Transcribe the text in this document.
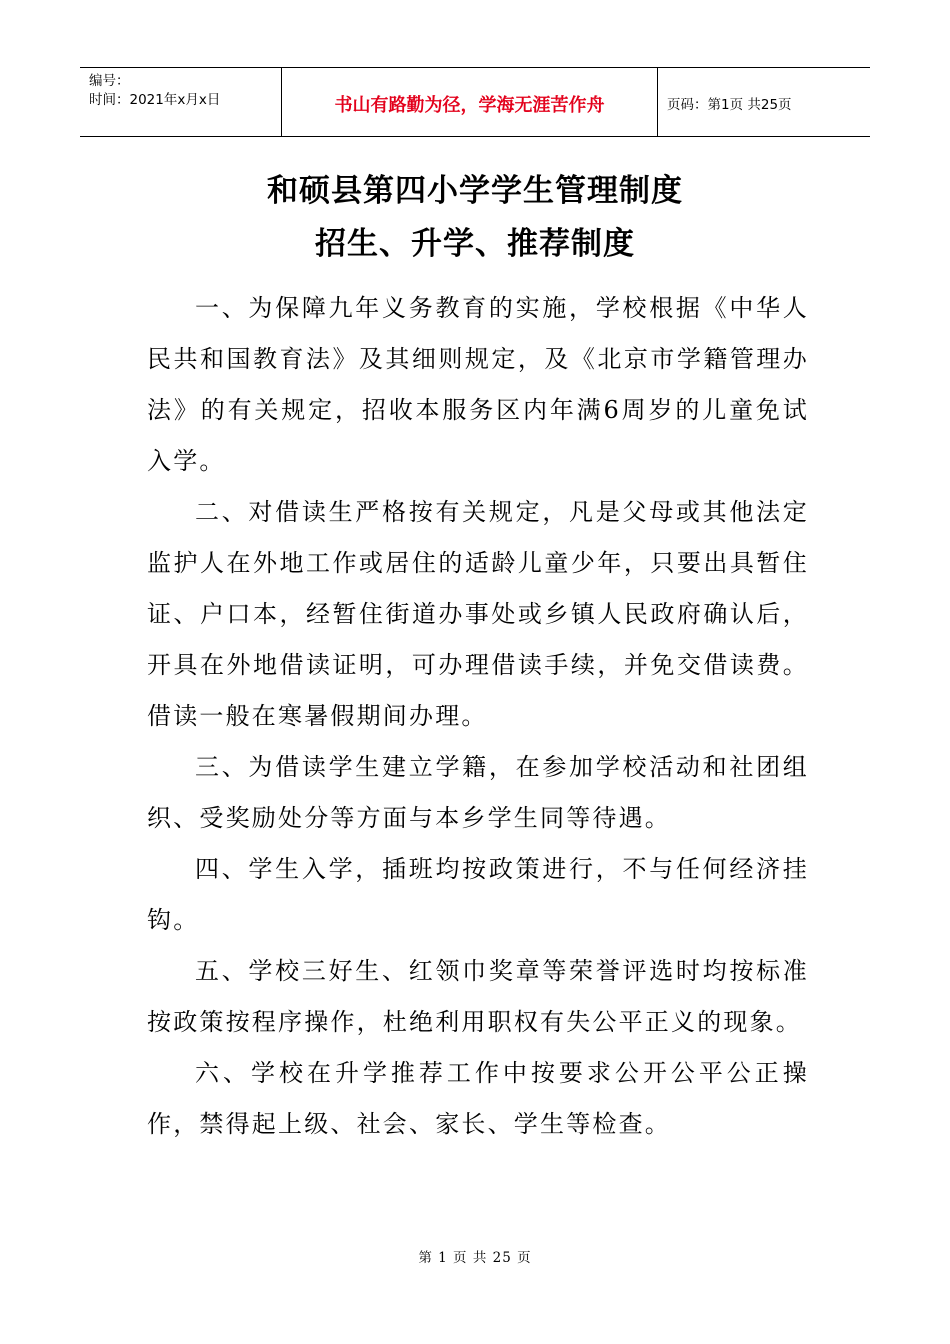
编号：
时间：2021年x月x日	书山有路勤为径，学海无涯苦作舟	页码：第1页 共25页
和硕县第四小学学生管理制度
招生、升学、推荐制度

一、为保障九年义务教育的实施，学校根据《中华人民共和国教育法》及其细则规定，及《北京市学籍管理办法》的有关规定，招收本服务区内年满6周岁的儿童免试入学。

二、对借读生严格按有关规定，凡是父母或其他法定监护人在外地工作或居住的适龄儿童少年，只要出具暂住证、户口本，经暂住街道办事处或乡镇人民政府确认后，开具在外地借读证明，可办理借读手续，并免交借读费。借读一般在寒暑假期间办理。

三、为借读学生建立学籍，在参加学校活动和社团组织、受奖励处分等方面与本乡学生同等待遇。

四、学生入学，插班均按政策进行，不与任何经济挂钩。

五、学校三好生、红领巾奖章等荣誉评选时均按标准按政策按程序操作，杜绝利用职权有失公平正义的现象。

六、学校在升学推荐工作中按要求公开公平公正操作，禁得起上级、社会、家长、学生等检查。

第 1 页 共 25 页
